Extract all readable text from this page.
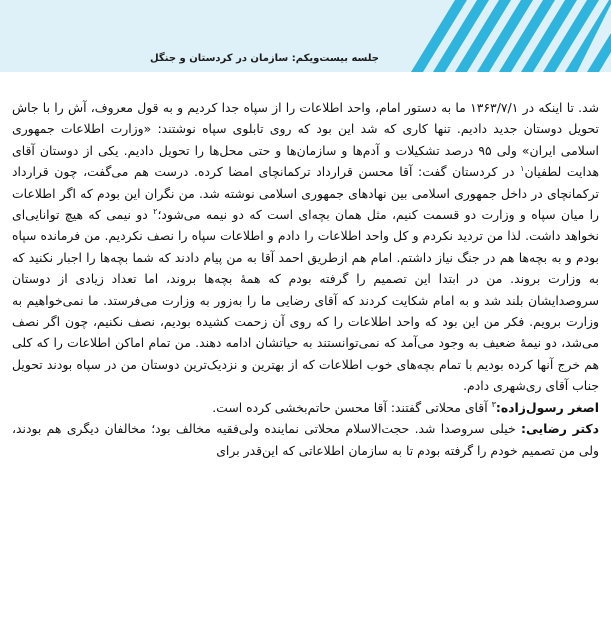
جلسه بیست‌ویکم: سازمان در کردستان و جنگل

شد. تا اینکه در ۱۳۶۳/۷/۱ ما به دستور امام، واحد اطلاعات را از سپاه جدا کردیم و به قول معروف، آش را با جاش تحویل دوستان جدید دادیم. تنها کاری که شد این بود که روی تابلوی سپاه نوشتند: «وزارت اطلاعات جمهوری اسلامی ایران» ولی ۹۵ درصد تشکیلات و آدم‌ها و سازمان‌ها و حتی محل‌ها را تحویل دادیم. یکی از دوستان آقای هدایت لطفیان$^۱$ در کردستان گفت: آقا محسن قرارداد ترکمانچای امضا کرده. درست هم می‌گفت، چون قرارداد ترکمانچای در داخل جمهوری اسلامی بین نهادهای جمهوری اسلامی نوشته شد. من نگران این بودم که اگر اطلاعات را میان سپاه و وزارت دو قسمت کنیم، مثل همان بچه‌ای است که دو نیمه می‌شود؛$^۲$ دو نیمی که هیچ توانایی‌ای نخواهد داشت. لذا من تردید نکردم و کل واحد اطلاعات را دادم و اطلاعات سپاه را نصف نکردیم. من فرمانده سپاه بودم و به بچه‌ها هم در جنگ نیاز داشتم. امام هم ازطریق احمد آقا به من پیام دادند که شما بچه‌ها را اجبار نکنید که به وزارت بروند. من در ابتدا این تصمیم را گرفته بودم که همهٔ بچه‌ها بروند، اما تعداد زیادی از دوستان سروصدایشان بلند شد و به امام شکایت کردند که آقای رضایی ما را به‌زور به وزارت می‌فرستد. ما نمی‌خواهیم به وزارت برویم. فکر من این بود که واحد اطلاعات را که روی آن زحمت کشیده بودیم، نصف نکنیم، چون اگر نصف می‌شد، دو نیمهٔ ضعیف به وجود می‌آمد که نمی‌توانستند به حیاتشان ادامه دهند. من تمام اماکن اطلاعات را که کلی هم خرج آنها کرده بودیم با تمام بچه‌های خوب اطلاعات که از بهترین و نزدیک‌ترین دوستان من در سپاه بودند تحویل جناب آقای ری‌شهری دادم.

اصغر رسول‌زاده:$^۳$ آقای محلاتی گفتند: آقا محسن حاتم‌بخشی کرده است.

دکتر رضایی: خیلی سروصدا شد. حجت‌الاسلام محلاتی نماینده ولی‌فقیه مخالف بود؛ مخالفان دیگری هم بودند، ولی من تصمیم خودم را گرفته بودم تا به سازمان اطلاعاتی که این‌قدر برای
